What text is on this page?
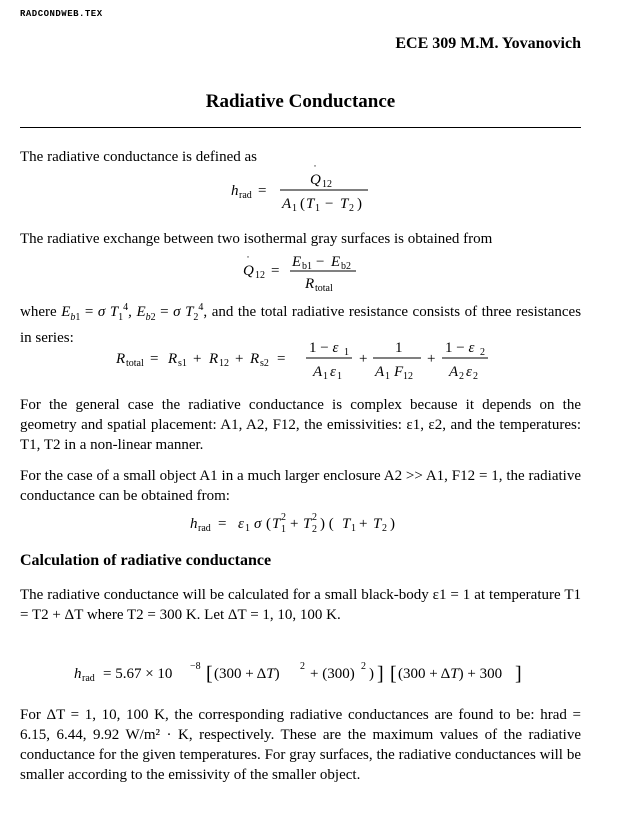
RADCONDWEB.TEX
ECE 309 M.M. Yovanovich
Radiative Conductance
The radiative conductance is defined as
h rad =
Q
˙
12
A 1 ( T 1 − T 2 )
The radiative exchange between two isothermal gray surfaces is obtained from
Q
˙
12 =
E b1 − E b2
R total
where $E_{b1} = \sigma$ $T_1^4$, $E_{b2} = \sigma$ $T_2^4$, and the total radiative resistance consists of three resistances in series:
R total = R s1 + R 12 + R s2 =
1 − ε 1
A 1 ε 1
+
1
A 1 F 12
+
1 − ε 2
A 2 ε 2
For the general case the radiative conductance is complex because it depends on the geometry and spatial placement: A1, A2, F12, the emissivities: ε1, ε2, and the temperatures: T1, T2 in a non-linear manner.
For the case of a small object A1 in a much larger enclosure A2 >> A1, F12 = 1, the radiative conductance can be obtained from:
h rad = ε 1 σ ( T 1
2 + T 2
2 ) ( T 1 + T 2 )
Calculation of radiative conductance
The radiative conductance will be calculated for a small black-body ε1 = 1 at temperature T1 = T2 + ΔT where T2 = 300 K. Let ΔT = 1, 10, 100 K.
h rad = 5.67 × 10 −8 [ (300 + ΔT) 2 + (300) 2 ) ] [ (300 + ΔT) + 300 ]
For ΔT = 1, 10, 100 K, the corresponding radiative conductances are found to be: hrad = 6.15, 6.44, 9.92 W/m² · K, respectively. These are the maximum values of the radiative conductance for the given temperatures. For gray surfaces, the radiative conductances will be smaller according to the emissivity of the smaller object.
